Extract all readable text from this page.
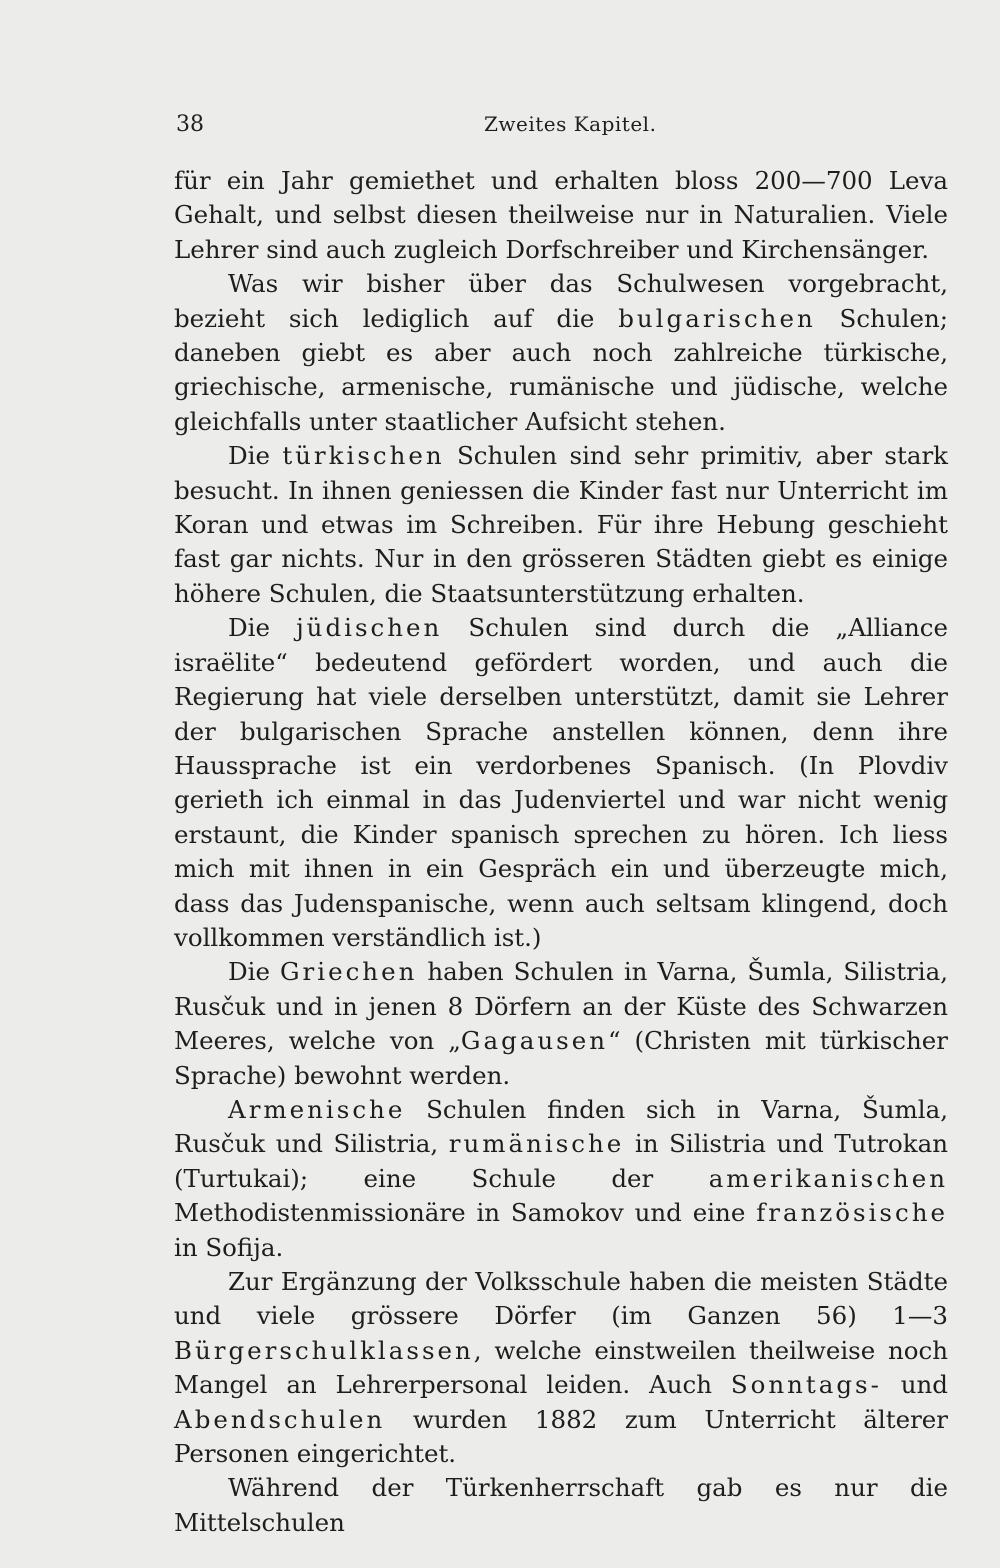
38	Zweites Kapitel.

für ein Jahr gemiethet und erhalten bloss 200—700 Leva Gehalt, und selbst diesen theilweise nur in Naturalien. Viele Lehrer sind auch zugleich Dorfschreiber und Kirchensänger.

Was wir bisher über das Schulwesen vorgebracht, bezieht sich lediglich auf die bulgarischen Schulen; daneben giebt es aber auch noch zahlreiche türkische, griechische, armenische, rumänische und jüdische, welche gleichfalls unter staatlicher Aufsicht stehen.

Die türkischen Schulen sind sehr primitiv, aber stark besucht. In ihnen geniessen die Kinder fast nur Unterricht im Koran und etwas im Schreiben. Für ihre Hebung geschieht fast gar nichts. Nur in den grösseren Städten giebt es einige höhere Schulen, die Staatsunterstützung erhalten.

Die jüdischen Schulen sind durch die „Alliance israëlite“ bedeutend gefördert worden, und auch die Regierung hat viele derselben unterstützt, damit sie Lehrer der bulgarischen Sprache anstellen können, denn ihre Haussprache ist ein verdorbenes Spanisch. (In Plovdiv gerieth ich einmal in das Judenviertel und war nicht wenig erstaunt, die Kinder spanisch sprechen zu hören. Ich liess mich mit ihnen in ein Gespräch ein und überzeugte mich, dass das Judenspanische, wenn auch seltsam klingend, doch vollkommen verständlich ist.)

Die Griechen haben Schulen in Varna, Šumla, Silistria, Rusčuk und in jenen 8 Dörfern an der Küste des Schwarzen Meeres, welche von „Gagausen“ (Christen mit türkischer Sprache) bewohnt werden.

Armenische Schulen finden sich in Varna, Šumla, Rusčuk und Silistria, rumänische in Silistria und Tutrokan (Turtukai); eine Schule der amerikanischen Methodistenmissionäre in Samokov und eine französische in Sofija.

Zur Ergänzung der Volksschule haben die meisten Städte und viele grössere Dörfer (im Ganzen 56) 1—3 Bürgerschulklassen, welche einstweilen theilweise noch Mangel an Lehrerpersonal leiden. Auch Sonntags- und Abendschulen wurden 1882 zum Unterricht älterer Personen eingerichtet.

Während der Türkenherrschaft gab es nur die Mittelschulen
